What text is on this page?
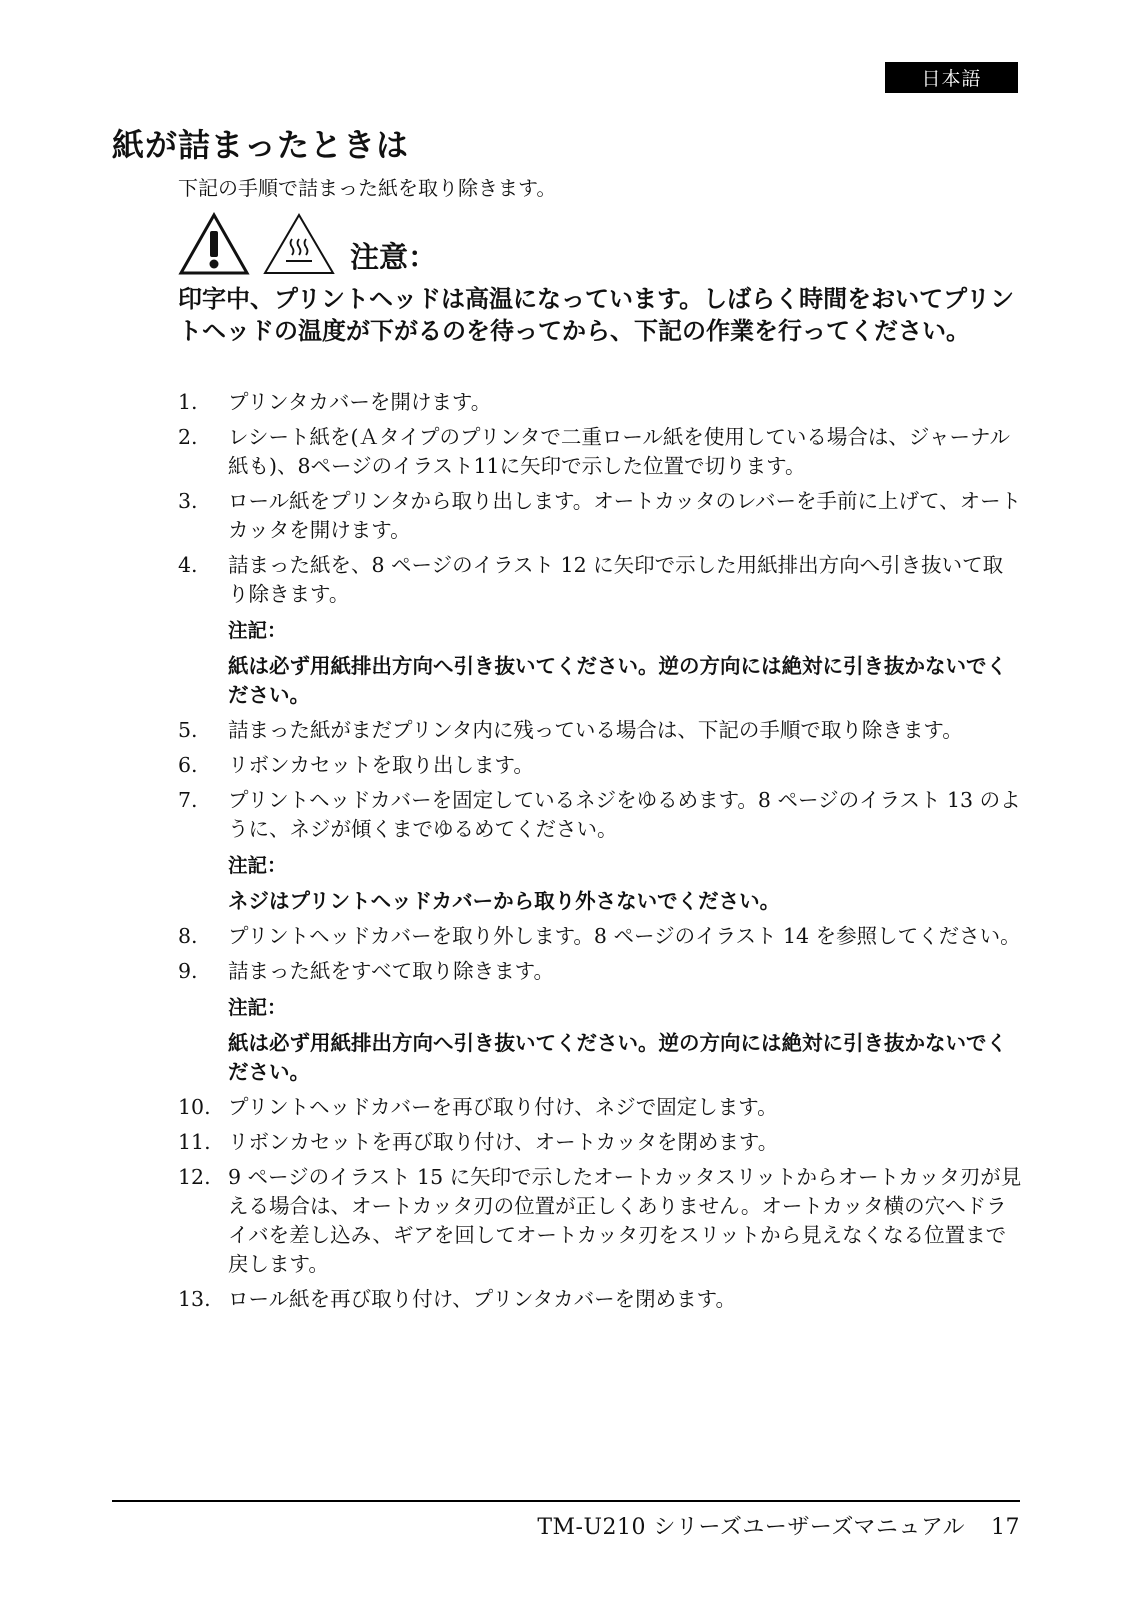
日本語
紙が詰まったときは
下記の手順で詰まった紙を取り除きます。
注意：

印字中、プリントヘッドは高温になっています。しばらく時間をおいてプリントヘッドの温度が下がるのを待ってから、下記の作業を行ってください。

1. プリンタカバーを開けます。
2. レシート紙を(Ａタイプのプリンタで二重ロール紙を使用している場合は、ジャーナル紙も)、8ページのイラスト11に矢印で示した位置で切ります。
3. ロール紙をプリンタから取り出します。オートカッタのレバーを手前に上げて、オートカッタを開けます。
4. 詰まった紙を、8 ページのイラスト 12 に矢印で示した用紙排出方向へ引き抜いて取り除きます。
注記：
紙は必ず用紙排出方向へ引き抜いてください。逆の方向には絶対に引き抜かないでください。
5. 詰まった紙がまだプリンタ内に残っている場合は、下記の手順で取り除きます。
6. リボンカセットを取り出します。
7. プリントヘッドカバーを固定しているネジをゆるめます。8 ページのイラスト 13 のように、ネジが傾くまでゆるめてください。
注記：
ネジはプリントヘッドカバーから取り外さないでください。
8. プリントヘッドカバーを取り外します。8 ページのイラスト 14 を参照してください。
9. 詰まった紙をすべて取り除きます。
注記：
紙は必ず用紙排出方向へ引き抜いてください。逆の方向には絶対に引き抜かないでください。
10. プリントヘッドカバーを再び取り付け、ネジで固定します。
11. リボンカセットを再び取り付け、オートカッタを閉めます。
12. 9 ページのイラスト 15 に矢印で示したオートカッタスリットからオートカッタ刃が見える場合は、オートカッタ刃の位置が正しくありません。オートカッタ横の穴へドライバを差し込み、ギアを回してオートカッタ刃をスリットから見えなくなる位置まで戻します。
13. ロール紙を再び取り付け、プリンタカバーを閉めます。
TM-U210 シリーズユーザーズマニュアル 17
